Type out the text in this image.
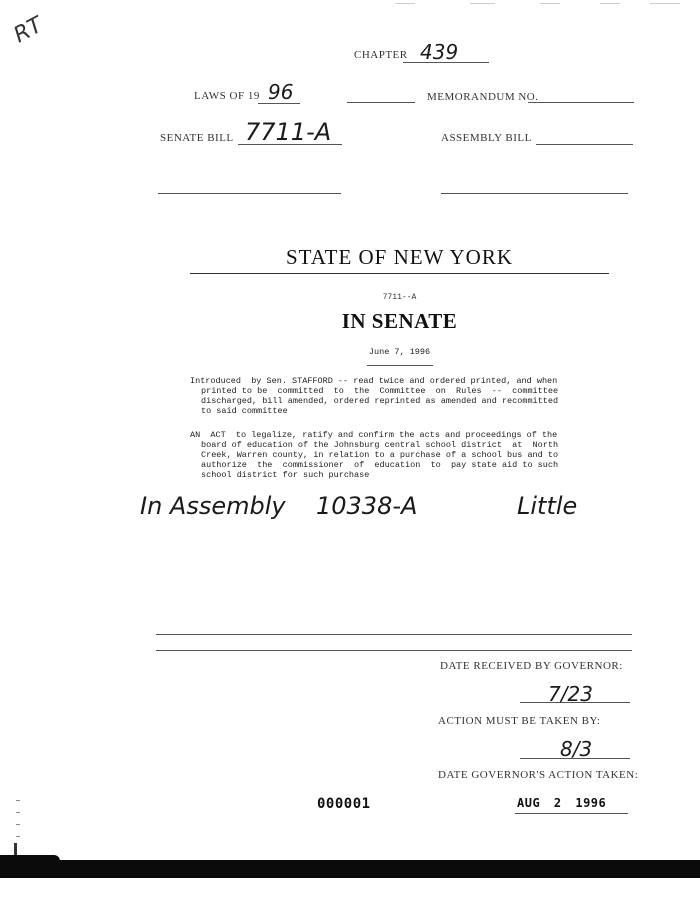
RT
CHAPTER 439
LAWS OF 19 96	MEMORANDUM NO.
SENATE BILL 7711-A	ASSEMBLY BILL
STATE OF NEW YORK
7711--A
IN SENATE
June 7, 1996
Introduced  by Sen. STAFFORD -- read twice and ordered printed, and when
printed to be  committed  to  the  Committee  on  Rules  --  committee
discharged, bill amended, ordered reprinted as amended and recommitted
to said committee
AN  ACT  to legalize, ratify and confirm the acts and proceedings of the
board of education of the Johnsburg central school district  at  North
Creek, Warren county, in relation to a purchase of a school bus and to
authorize  the  commissioner  of  education  to  pay state aid to such
school district for such purchase
In Assembly 10338-A	Little
DATE RECEIVED BY GOVERNOR:
7/23
ACTION MUST BE TAKEN BY:
8/3
DATE GOVERNOR'S ACTION TAKEN:
000001	AUG 2 1996
